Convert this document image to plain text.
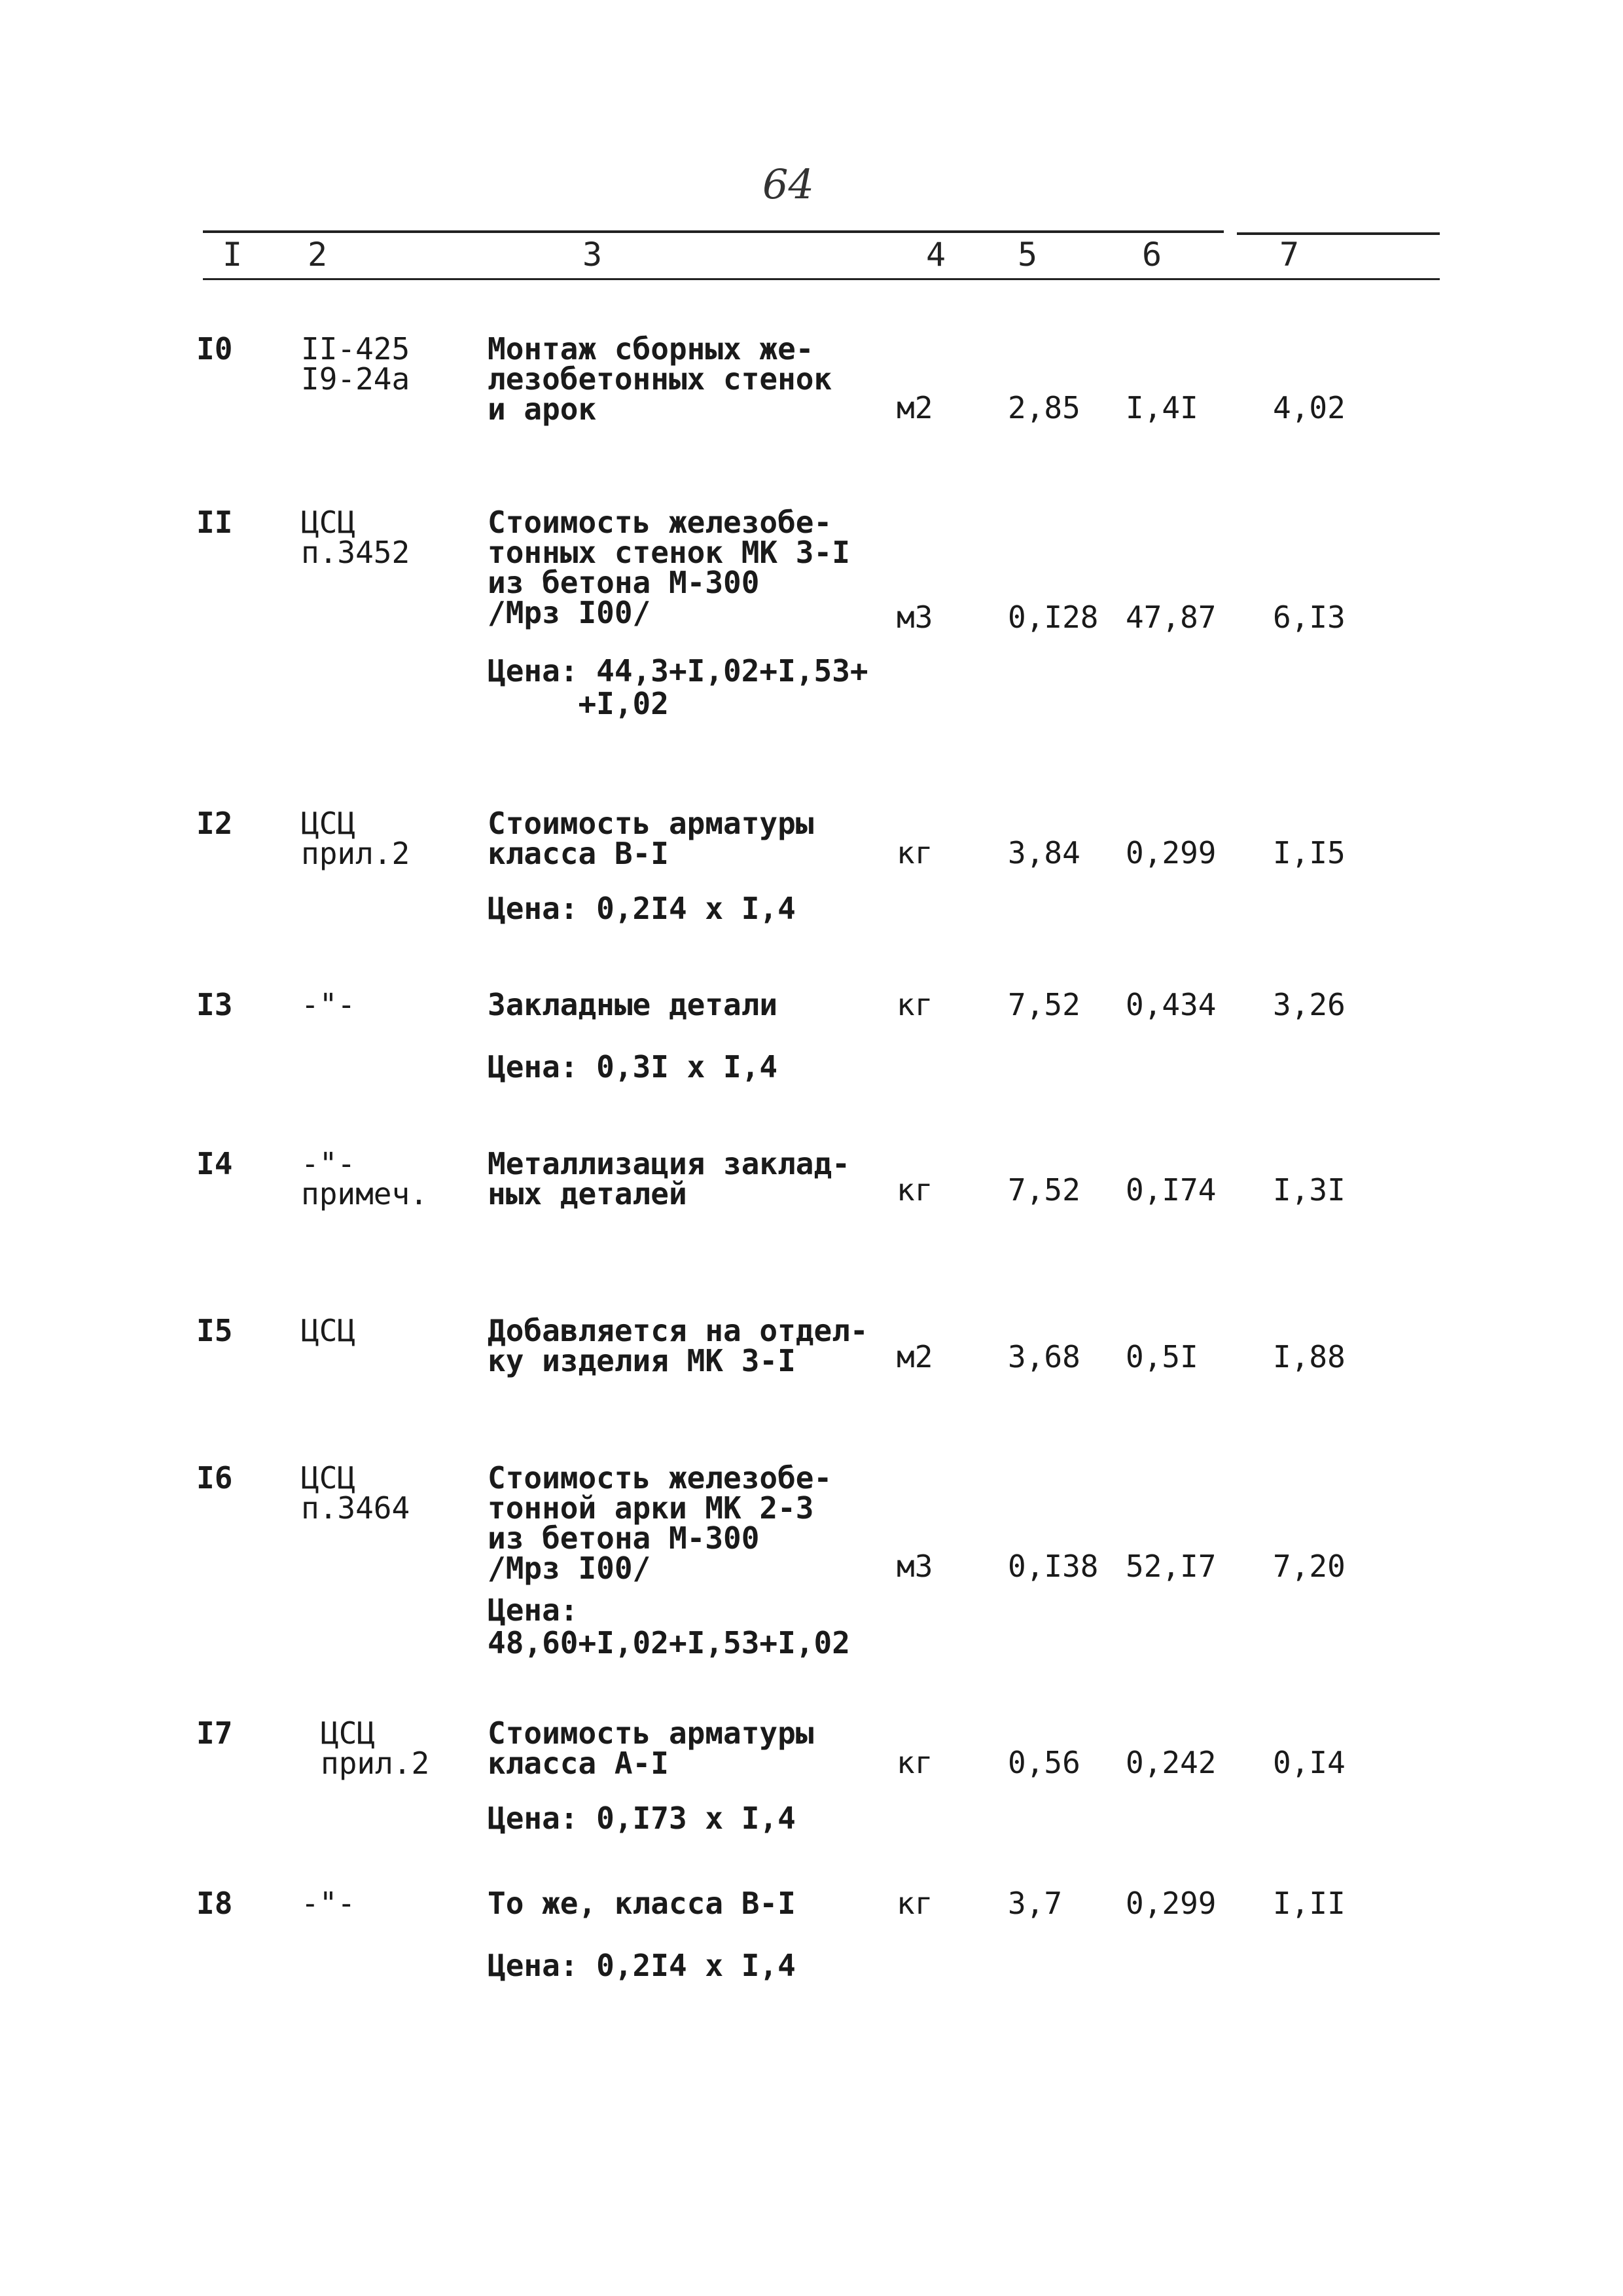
64
I 2	3	4 5	6	7
I0 II-425
I9-24a
Монтаж сборных же-
лезобетонных стенок
и арок	м2 2,85 I,4I 4,02
II ЦСЦ
п.3452
Стоимость железобе-
тонных стенок МК 3-I
из бетона М-300
/Мрз I00/	м3 0,I28 47,87 6,I3
Цена: 44,3+I,02+I,53+
+I,02
I2 ЦСЦ
прил.2
Стоимость арматуры
класса В-I	кг 3,84 0,299 I,I5
Цена: 0,2I4 x I,4
I3 -"-	Закладные детали	кг 7,52 0,434 3,26
Цена: 0,3I x I,4
I4 -"-
примеч.
Металлизация заклад-
ных деталей	кг 7,52 0,I74 I,3I
I5 ЦСЦ	Добавляется на отдел-
ку изделия МК 3-I	м2 3,68 0,5I I,88
I6 ЦСЦ
п.3464
Стоимость железобе-
тонной арки МК 2-3
из бетона М-300
/Мрз I00/	м3 0,I38 52,I7 7,20
Цена:
48,60+I,02+I,53+I,02
I7	ЦСЦ
прил.2
Стоимость арматуры
класса А-I	кг 0,56 0,242 0,I4
Цена: 0,I73 x I,4
I8 -"-	То же, класса В-I	кг 3,7 0,299 I,II
Цена: 0,2I4 x I,4
